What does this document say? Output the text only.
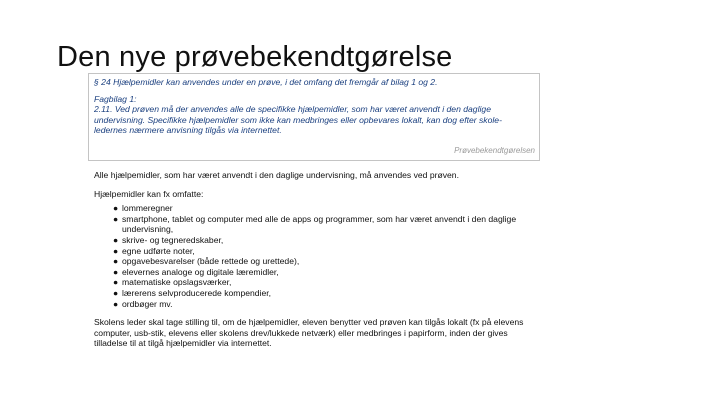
Den nye prøvebekendtgørelse

§ 24 Hjælpemidler kan anvendes under en prøve, i det omfang det fremgår af bilag 1 og 2.

Fagbilag 1:

2.11. Ved prøven må der anvendes alle de specifikke hjælpemidler, som har været anvendt i den daglige undervisning. Specifikke hjælpemidler som ikke kan medbringes eller opbevares lokalt, kan dog efter skole-ledernes nærmere anvisning tilgås via internettet.

Prøvebekendtgørelsen

Alle hjælpemidler, som har været anvendt i den daglige undervisning, må anvendes ved prøven.

Hjælpemidler kan fx omfatte:

● lommeregner
● smartphone, tablet og computer med alle de apps og programmer, som har været anvendt i den daglige undervisning,
● skrive- og tegneredskaber,
● egne udførte noter,
● opgavebesvarelser (både rettede og urettede),
● elevernes analoge og digitale læremidler,
● matematiske opslagsværker,
● lærerens selvproducerede kompendier,
● ordbøger mv.

Skolens leder skal tage stilling til, om de hjælpemidler, eleven benytter ved prøven kan tilgås lokalt (fx på elevens computer, usb-stik, elevens eller skolens drev/lukkede netværk) eller medbringes i papirform, inden der gives tilladelse til at tilgå hjælpemidler via internettet.
